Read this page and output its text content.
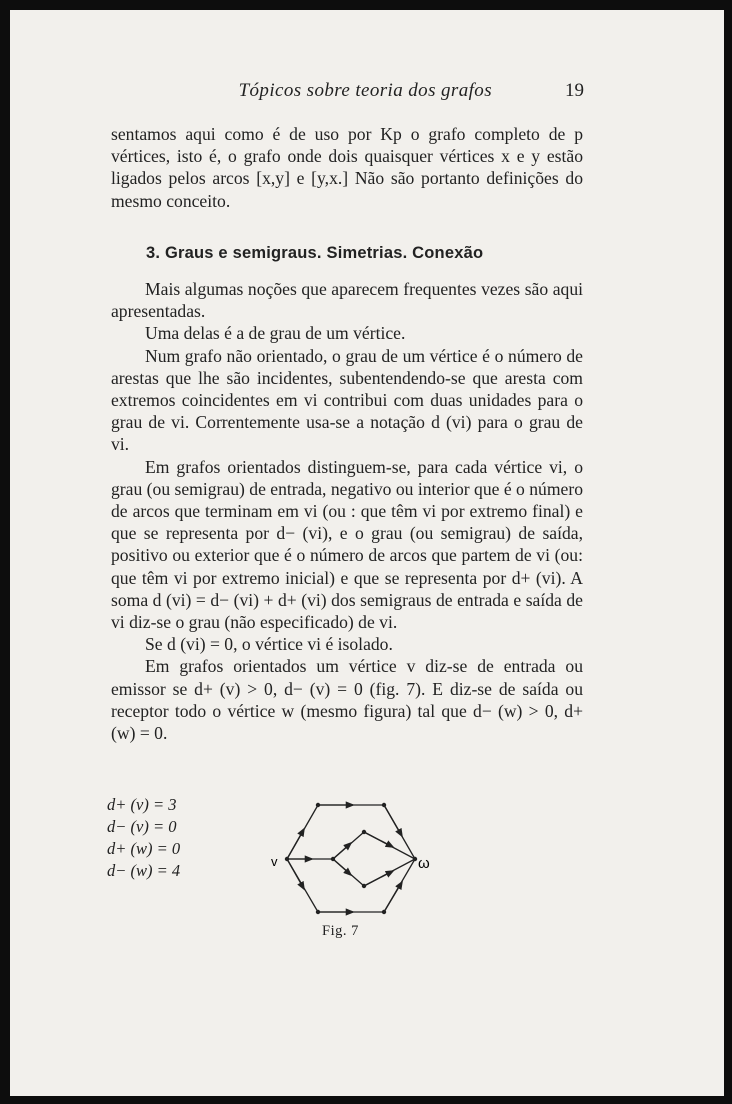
Tópicos sobre teoria dos grafos	19

sentamos aqui como é de uso por Kp o grafo completo de p vértices, isto é, o grafo onde dois quaisquer vértices x e y estão ligados pelos arcos [x,y] e [y,x.] Não são portanto definições do mesmo conceito.

3. Graus e semigraus. Simetrias. Conexão

Mais algumas noções que aparecem frequentes vezes são aqui apresentadas.

Uma delas é a de grau de um vértice.

Num grafo não orientado, o grau de um vértice é o número de arestas que lhe são incidentes, subentendendo-se que aresta com extremos coincidentes em vi contribui com duas unidades para o grau de vi. Correntemente usa-se a notação d (vi) para o grau de vi.

Em grafos orientados distinguem-se, para cada vértice vi, o grau (ou semigrau) de entrada, negativo ou interior que é o número de arcos que terminam em vi (ou : que têm vi por extremo final) e que se representa por d− (vi), e o grau (ou semigrau) de saída, positivo ou exterior que é o número de arcos que partem de vi (ou: que têm vi por extremo inicial) e que se representa por d+ (vi). A soma d (vi) = d− (vi) + d+ (vi) dos semigraus de entrada e saída de vi diz-se o grau (não especificado) de vi.

Se d (vi) = 0, o vértice vi é isolado.

Em grafos orientados um vértice v diz-se de entrada ou emissor se d+ (v) > 0, d− (v) = 0 (fig. 7). E diz-se de saída ou receptor todo o vértice w (mesmo figura) tal que d− (w) > 0, d+ (w) = 0.

d+ (v) = 3
d− (v) = 0
d+ (w) = 0
d− (w) = 4	v	ω
Fig. 7
